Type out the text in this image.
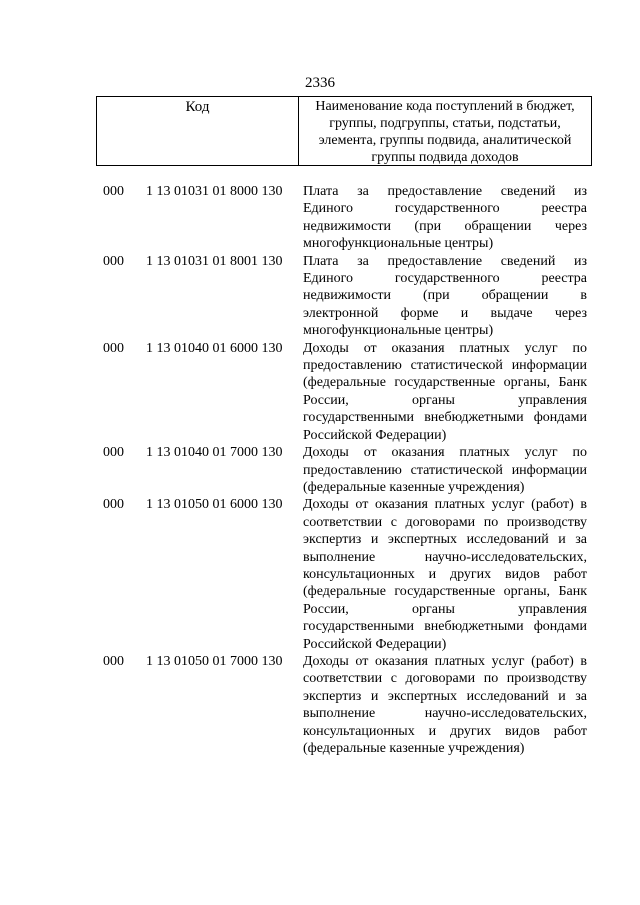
2336
Код	Наименование кода поступлений в бюджет,
группы, подгруппы, статьи, подстатьи,
элемента, группы подвида, аналитической
группы подвида доходов
000 1 13 01031 01 8000 130 Плата за предоставление сведений из
Единого государственного реестра
недвижимости (при обращении через
многофункциональные центры)
000 1 13 01031 01 8001 130 Плата за предоставление сведений из
Единого государственного реестра
недвижимости (при обращении в
электронной форме и выдаче через
многофункциональные центры)
000 1 13 01040 01 6000 130 Доходы от оказания платных услуг по
предоставлению статистической информации
(федеральные государственные органы, Банк
России, органы управления
государственными внебюджетными фондами
Российской Федерации)
000 1 13 01040 01 7000 130 Доходы от оказания платных услуг по
предоставлению статистической информации
(федеральные казенные учреждения)
000 1 13 01050 01 6000 130 Доходы от оказания платных услуг (работ) в
соответствии с договорами по производству
экспертиз и экспертных исследований и за
выполнение научно-исследовательских,
консультационных и других видов работ
(федеральные государственные органы, Банк
России, органы управления
государственными внебюджетными фондами
Российской Федерации)
000 1 13 01050 01 7000 130 Доходы от оказания платных услуг (работ) в
соответствии с договорами по производству
экспертиз и экспертных исследований и за
выполнение научно-исследовательских,
консультационных и других видов работ
(федеральные казенные учреждения)
